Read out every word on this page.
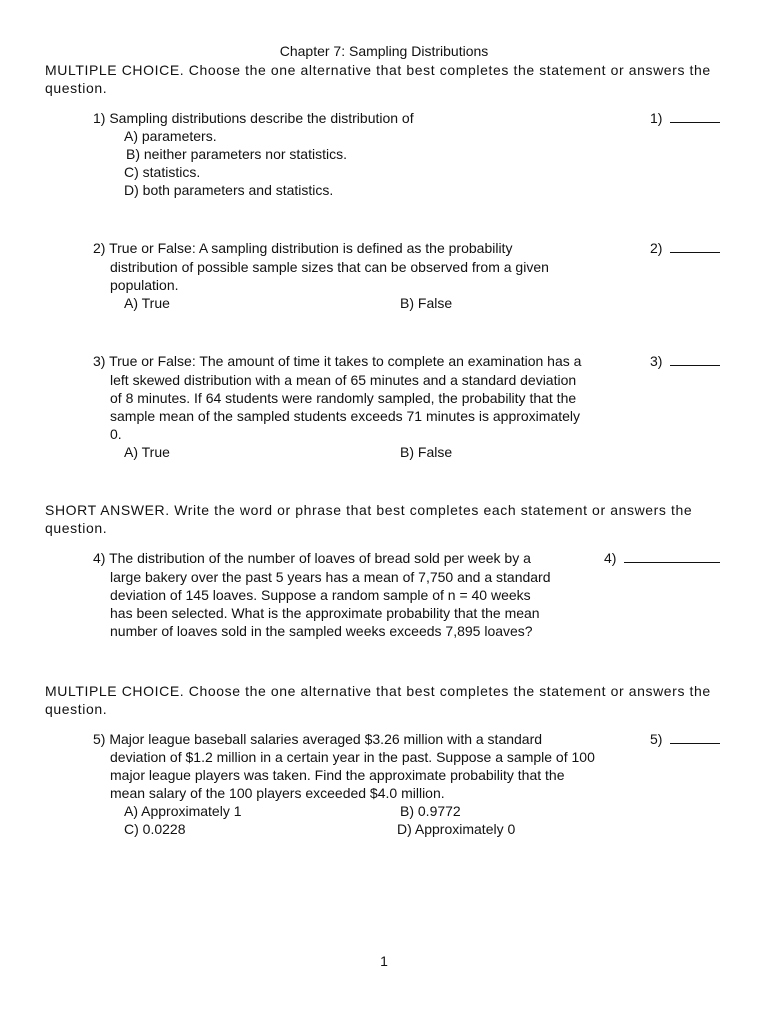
Chapter 7: Sampling Distributions
MULTIPLE CHOICE. Choose the one alternative that best completes the statement or answers the question.
1) Sampling distributions describe the distribution of	1)
A) parameters.
B) neither parameters nor statistics.
C) statistics.
D) both parameters and statistics.
2) True or False: A sampling distribution is defined as the probability
distribution of possible sample sizes that can be observed from a given
population.
2)
A) True	B) False
3) True or False: The amount of time it takes to complete an examination has a
left skewed distribution with a mean of 65 minutes and a standard deviation
of 8 minutes. If 64 students were randomly sampled, the probability that the
sample mean of the sampled students exceeds 71 minutes is approximately
0.
3)
A) True	B) False
SHORT ANSWER. Write the word or phrase that best completes each statement or answers the question.
4) The distribution of the number of loaves of bread sold per week by a
large bakery over the past 5 years has a mean of 7,750 and a standard
deviation of 145 loaves. Suppose a random sample of n = 40 weeks
has been selected. What is the approximate probability that the mean
number of loaves sold in the sampled weeks exceeds 7,895 loaves?
4)
MULTIPLE CHOICE. Choose the one alternative that best completes the statement or answers the question.
5) Major league baseball salaries averaged $3.26 million with a standard
deviation of $1.2 million in a certain year in the past. Suppose a sample of 100
major league players was taken. Find the approximate probability that the
mean salary of the 100 players exceeded $4.0 million.
5)
A) Approximately 1	B) 0.9772
C) 0.0228	D) Approximately 0
1
